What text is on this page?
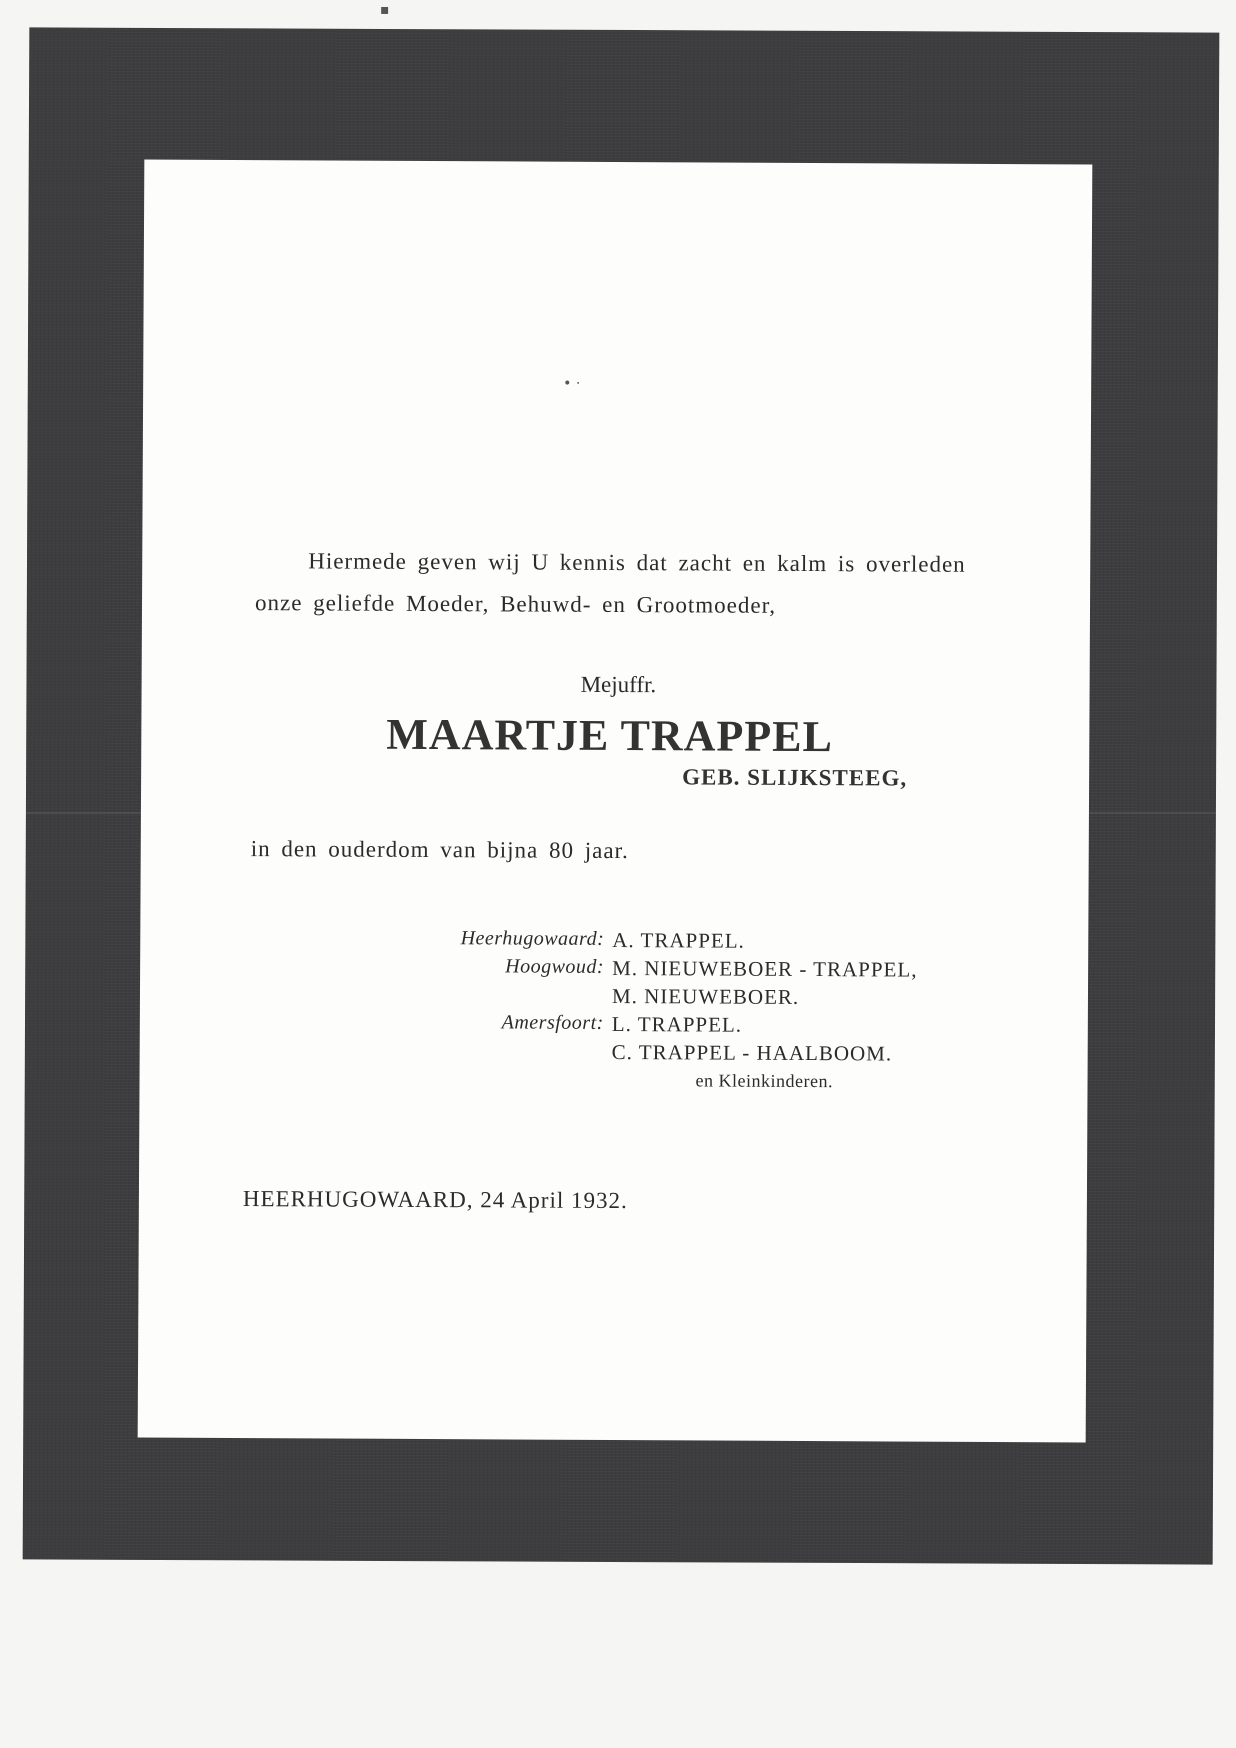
▪
• ·
Hiermede geven wij U kennis dat zacht en kalm is overleden
onze geliefde Moeder, Behuwd- en Grootmoeder,
Mejuffr.
MAARTJE TRAPPEL
GEB. SLIJKSTEEG,
in den ouderdom van bijna 80 jaar.
Heerhugowaard: A. TRAPPEL.
Hoogwoud: M. NIEUWEBOER - TRAPPEL,
M. NIEUWEBOER.
Amersfoort: L. TRAPPEL.
C. TRAPPEL - HAALBOOM.
en Kleinkinderen.
HEERHUGOWAARD, 24 April 1932.
